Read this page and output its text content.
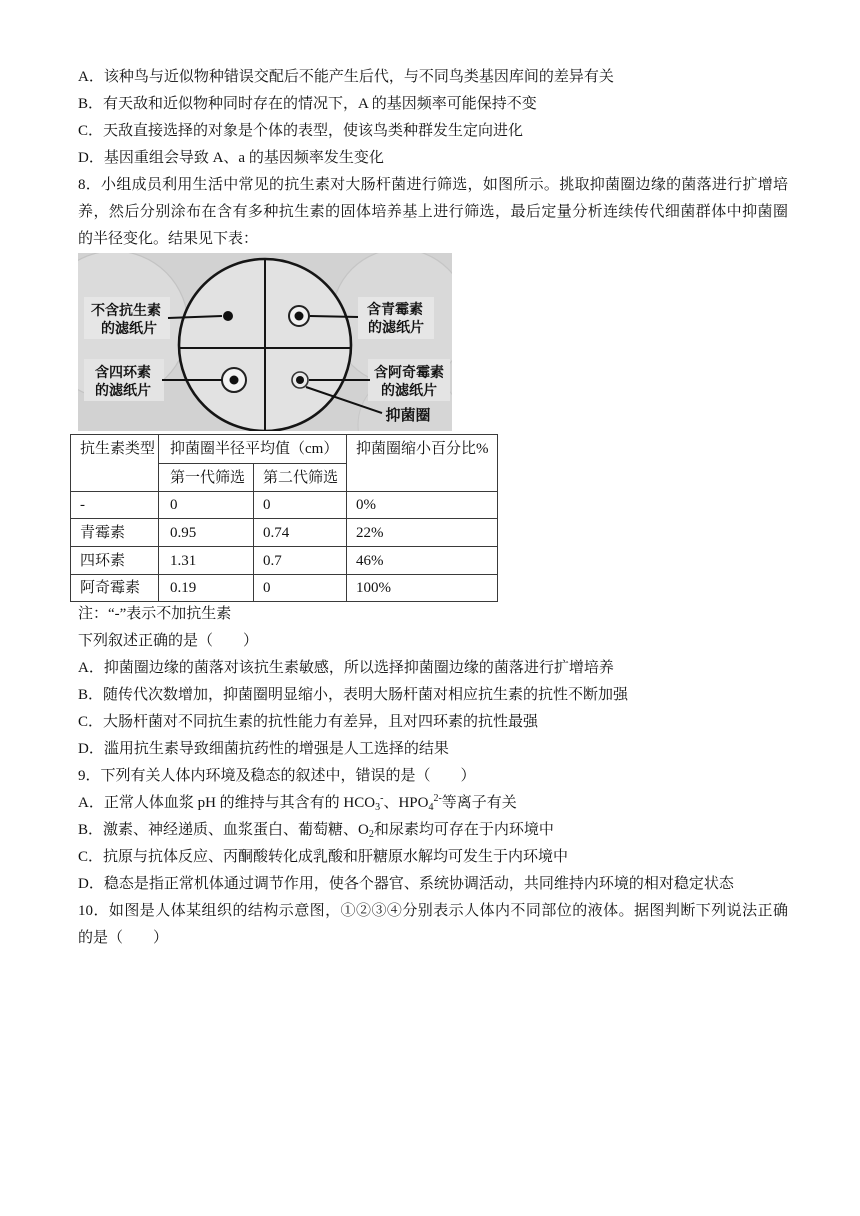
A．该种鸟与近似物种错误交配后不能产生后代，与不同鸟类基因库间的差异有关
B．有天敌和近似物种同时存在的情况下，A 的基因频率可能保持不变
C．天敌直接选择的对象是个体的表型，使该鸟类种群发生定向进化
D．基因重组会导致 A、a 的基因频率发生变化
8．小组成员利用生活中常见的抗生素对大肠杆菌进行筛选，如图所示。挑取抑菌圈边缘的菌落进行扩增培
养，然后分别涂布在含有多种抗生素的固体培养基上进行筛选，最后定量分析连续传代细菌群体中抑菌圈
的半径变化。结果见下表：
不含抗生素
的滤纸片
含青霉素
的滤纸片
含四环素
的滤纸片
含阿奇霉素
的滤纸片
抑菌圈
抗生素类型	抑菌圈半径平均值（cm）		抑菌圈缩小百分比%
	第一代筛选	第二代筛选	
-	0	0	0%
青霉素	0.95	0.74	22%
四环素	1.31	0.7	46%
阿奇霉素	0.19	0	100%
注：“-”表示不加抗生素
下列叙述正确的是（　　）
A．抑菌圈边缘的菌落对该抗生素敏感，所以选择抑菌圈边缘的菌落进行扩增培养
B．随传代次数增加，抑菌圈明显缩小，表明大肠杆菌对相应抗生素的抗性不断加强
C．大肠杆菌对不同抗生素的抗性能力有差异，且对四环素的抗性最强
D．滥用抗生素导致细菌抗药性的增强是人工选择的结果
9．下列有关人体内环境及稳态的叙述中，错误的是（　　）
A．正常人体血浆 pH 的维持与其含有的 $HCO_3^-$、$HPO_4^{2-}$等离子有关
B．激素、神经递质、血浆蛋白、葡萄糖、$O_2$和尿素均可存在于内环境中
C．抗原与抗体反应、丙酮酸转化成乳酸和肝糖原水解均可发生于内环境中
D．稳态是指正常机体通过调节作用，使各个器官、系统协调活动，共同维持内环境的相对稳定状态
10．如图是人体某组织的结构示意图，①②③④分别表示人体内不同部位的液体。据图判断下列说法正确
的是（　　）
